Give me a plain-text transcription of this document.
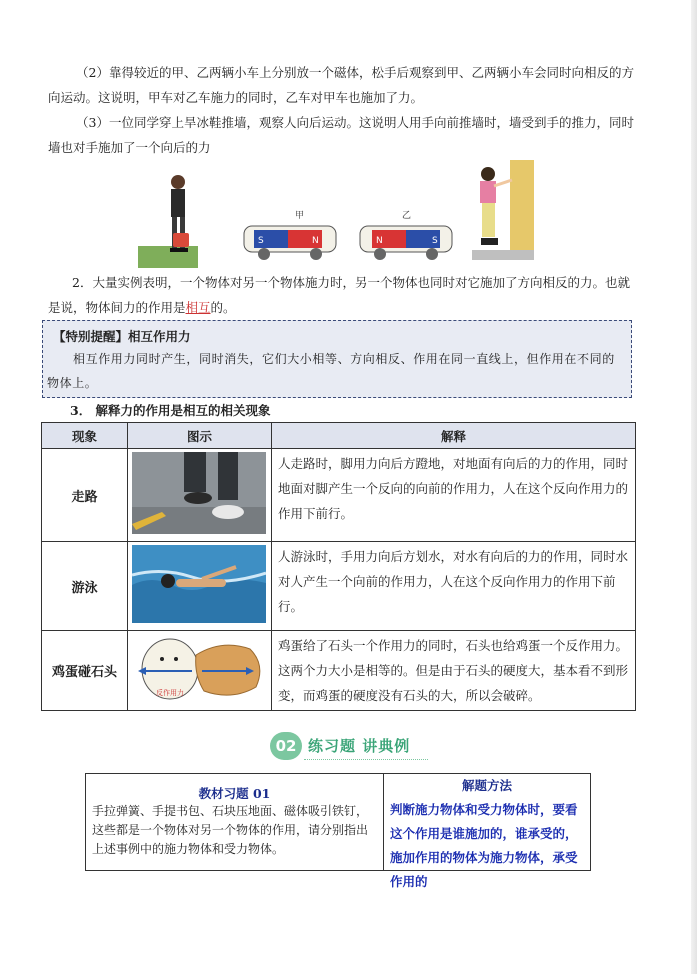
（2）靠得较近的甲、乙两辆小车上分别放一个磁体，松手后观察到甲、乙两辆小车会同时向相反的方向运动。这说明，甲车对乙车施力的同时，乙车对甲车也施加了力。
（3）一位同学穿上旱冰鞋推墙，观察人向后运动。这说明人用手向前推墙时，墙受到手的推力，同时墙也对手施加了一个向后的力
甲	乙
S	N	N	S
2．大量实例表明，一个物体对另一个物体施力时，另一个物体也同时对它施加了方向相反的力。也就是说，物体间力的作用是相互的。
【特别提醒】相互作用力
相互作用力同时产生，同时消失，它们大小相等、方向相反、作用在同一直线上，但作用在不同的物体上。
3． 解释力的作用是相互的相关现象
现象	图示	解释
走路		人走路时，脚用力向后方蹬地，对地面有向后的力的作用，同时地面对脚产生一个反向的向前的作用力，人在这个反向作用力的作用下前行。
游泳		人游泳时，手用力向后方划水，对水有向后的力的作用，同时水对人产生一个向前的作用力，人在这个反向作用力的作用下前行。
鸡蛋碰石头	反作用力	鸡蛋给了石头一个作用力的同时，石头也给鸡蛋一个反作用力。这两个力大小是相等的。但是由于石头的硬度大，基本看不到形变，而鸡蛋的硬度没有石头的大，所以会破碎。
02 练习题 讲典例
教材习题 01
手拉弹簧、手提书包、石块压地面、磁体吸引铁钉，这些都是一个物体对另一个物体的作用，请分别指出上述事例中的施力物体和受力物体。
解题方法
判断施力物体和受力物体时，要看这个作用是谁施加的，谁承受的，施加作用的物体为施力物体，承受作用的
